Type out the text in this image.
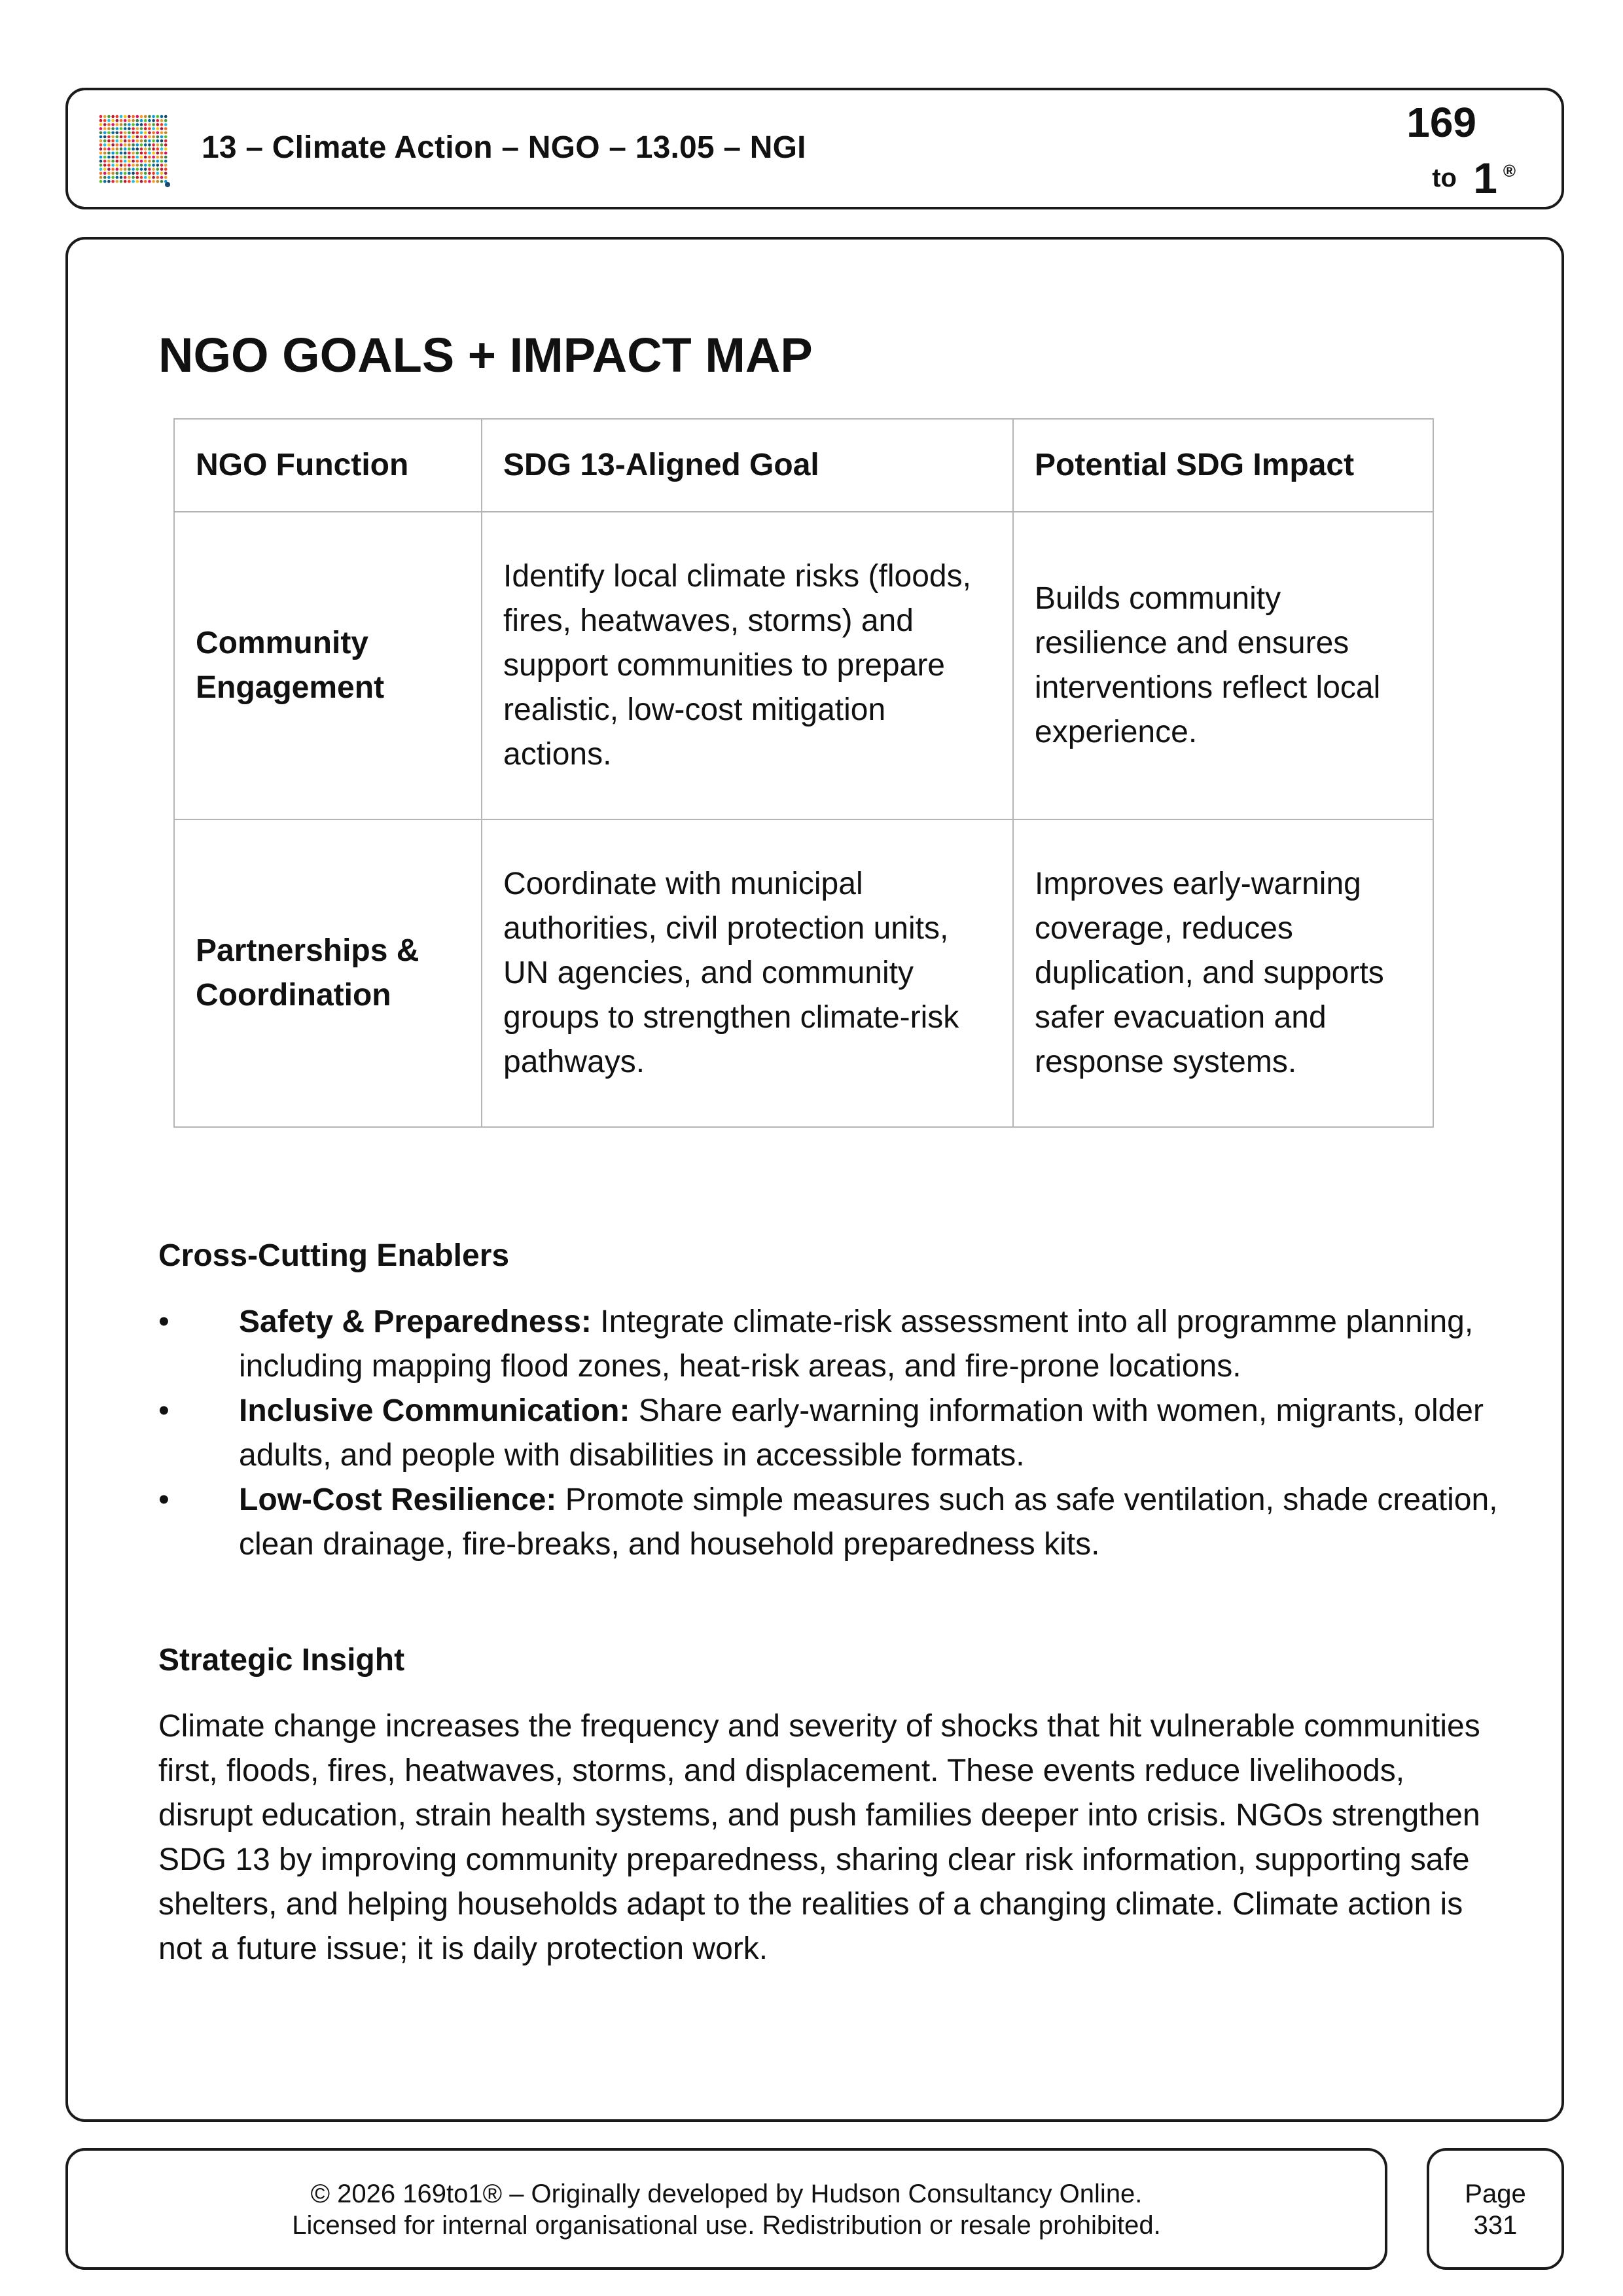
13 – Climate Action – NGO – 13.05 – NGI
169
to 1 ®
NGO GOALS + IMPACT MAP
NGO Function	SDG 13-Aligned Goal	Potential SDG Impact
Community Engagement	Identify local climate risks (floods, fires, heatwaves, storms) and support communities to prepare realistic, low-cost mitigation actions.	Builds community resilience and ensures interventions reflect local experience.
Partnerships & Coordination	Coordinate with municipal authorities, civil protection units, UN agencies, and community groups to strengthen climate-risk pathways.	Improves early-warning coverage, reduces duplication, and supports safer evacuation and response systems.
Cross-Cutting Enablers
• Safety & Preparedness: Integrate climate-risk assessment into all programme planning, including mapping flood zones, heat-risk areas, and fire-prone locations.
• Inclusive Communication: Share early-warning information with women, migrants, older adults, and people with disabilities in accessible formats.
• Low-Cost Resilience: Promote simple measures such as safe ventilation, shade creation, clean drainage, fire-breaks, and household preparedness kits.
Strategic Insight

Climate change increases the frequency and severity of shocks that hit vulnerable communities first, floods, fires, heatwaves, storms, and displacement. These events reduce livelihoods, disrupt education, strain health systems, and push families deeper into crisis. NGOs strengthen SDG 13 by improving community preparedness, sharing clear risk information, supporting safe shelters, and helping households adapt to the realities of a changing climate. Climate action is not a future issue; it is daily protection work.

© 2026 169to1® – Originally developed by Hudson Consultancy Online.
Licensed for internal organisational use. Redistribution or resale prohibited.
Page
331
